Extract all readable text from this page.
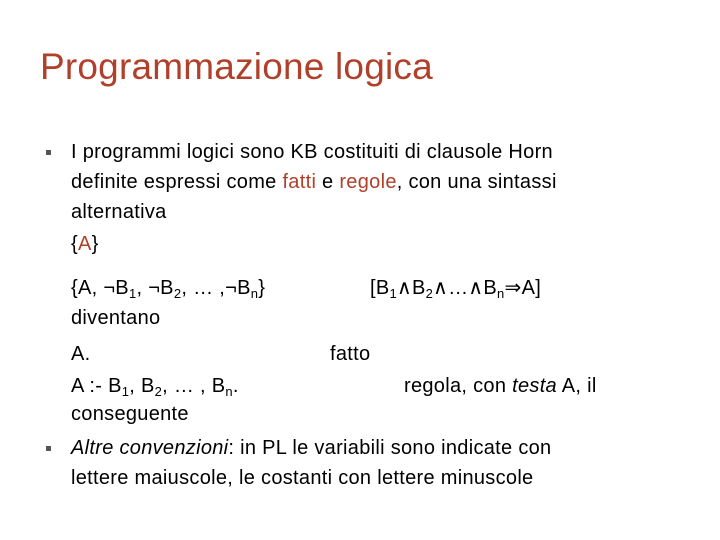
Programmazione logica
I programmi logici sono KB costituiti di clausole Horn
definite espressi come fatti e regole, con una sintassi
alternativa
{A}
{A, $\neg B_1$, $\neg B_2$, … $,\neg B_n$}	$[B_1\wedge B_2\wedge\dots\wedge B_n\Rightarrow A]$
diventano
A.	fatto
A :- $B_1$, $B_2$, … , $B_n$.	regola, con testa A, il
conseguente
Altre convenzioni: in PL le variabili sono indicate con
lettere maiuscole, le costanti con lettere minuscole
